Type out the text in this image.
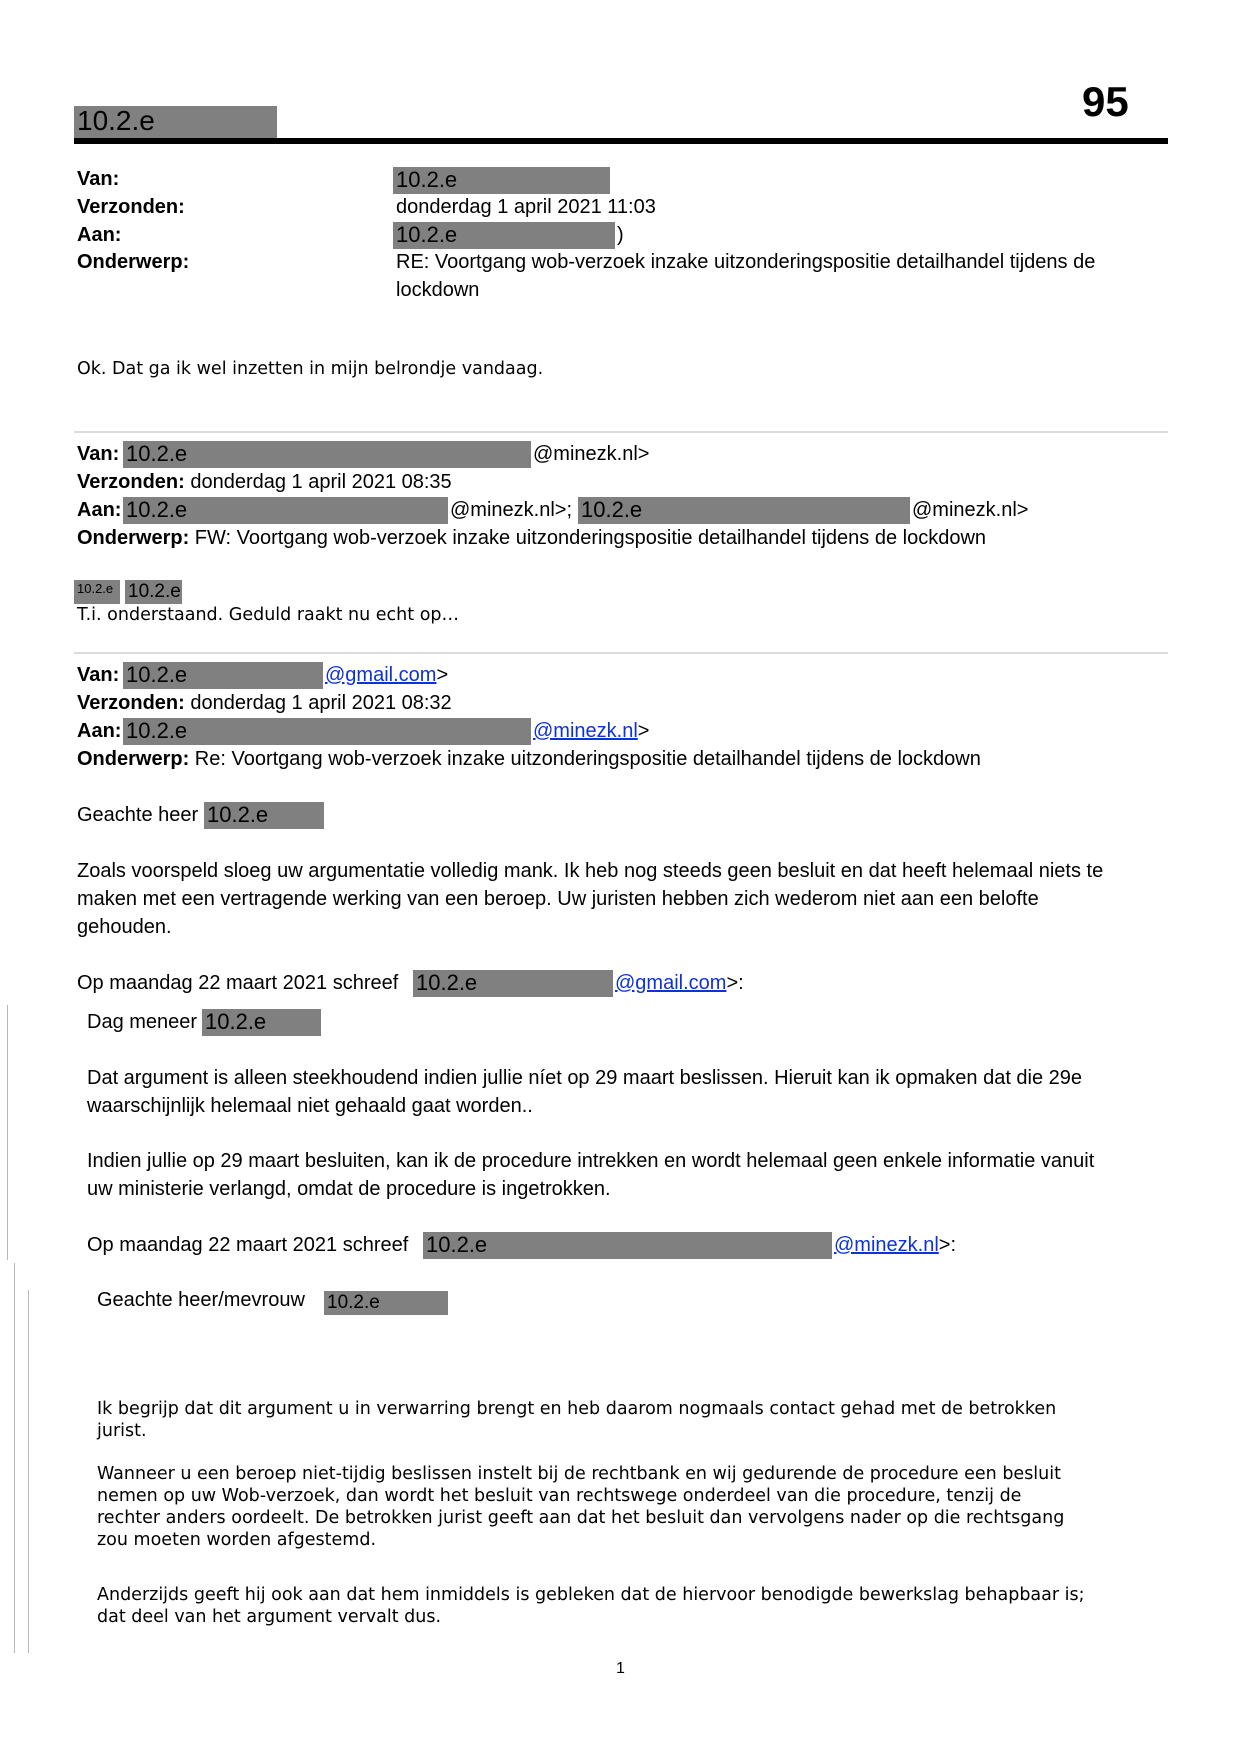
10.2.e	95
Van:	10.2.e
Verzonden:	donderdag 1 april 2021 11:03
Aan:	10.2.e	)
Onderwerp:	RE: Voortgang wob-verzoek inzake uitzonderingspositie detailhandel tijdens de
lockdown
Ok. Dat ga ik wel inzetten in mijn belrondje vandaag.
Van: 10.2.e	@minezk.nl>
Verzonden: donderdag 1 april 2021 08:35
Aan: 10.2.e	@minezk.nl>; 10.2.e	@minezk.nl>
Onderwerp: FW: Voortgang wob-verzoek inzake uitzonderingspositie detailhandel tijdens de lockdown
10.2.e 10.2.e
T.i. onderstaand. Geduld raakt nu echt op…
Van: 10.2.e	@gmail.com>
Verzonden: donderdag 1 april 2021 08:32
Aan: 10.2.e	@minezk.nl>
Onderwerp: Re: Voortgang wob-verzoek inzake uitzonderingspositie detailhandel tijdens de lockdown
Geachte heer 10.2.e
Zoals voorspeld sloeg uw argumentatie volledig mank. Ik heb nog steeds geen besluit en dat heeft helemaal niets te
maken met een vertragende werking van een beroep. Uw juristen hebben zich wederom niet aan een belofte
gehouden.
Op maandag 22 maart 2021 schreef 10.2.e	@gmail.com>:
Dag meneer 10.2.e
Dat argument is alleen steekhoudend indien jullie níet op 29 maart beslissen. Hieruit kan ik opmaken dat die 29e
waarschijnlijk helemaal niet gehaald gaat worden..
Indien jullie op 29 maart besluiten, kan ik de procedure intrekken en wordt helemaal geen enkele informatie vanuit
uw ministerie verlangd, omdat de procedure is ingetrokken.
Op maandag 22 maart 2021 schreef 10.2.e	@minezk.nl>:
Geachte heer/mevrouw 10.2.e
Ik begrijp dat dit argument u in verwarring brengt en heb daarom nogmaals contact gehad met de betrokken
jurist.
Wanneer u een beroep niet-tijdig beslissen instelt bij de rechtbank en wij gedurende de procedure een besluit
nemen op uw Wob-verzoek, dan wordt het besluit van rechtswege onderdeel van die procedure, tenzij de
rechter anders oordeelt. De betrokken jurist geeft aan dat het besluit dan vervolgens nader op die rechtsgang
zou moeten worden afgestemd.
Anderzijds geeft hij ook aan dat hem inmiddels is gebleken dat de hiervoor benodigde bewerkslag behapbaar is;
dat deel van het argument vervalt dus.
1
